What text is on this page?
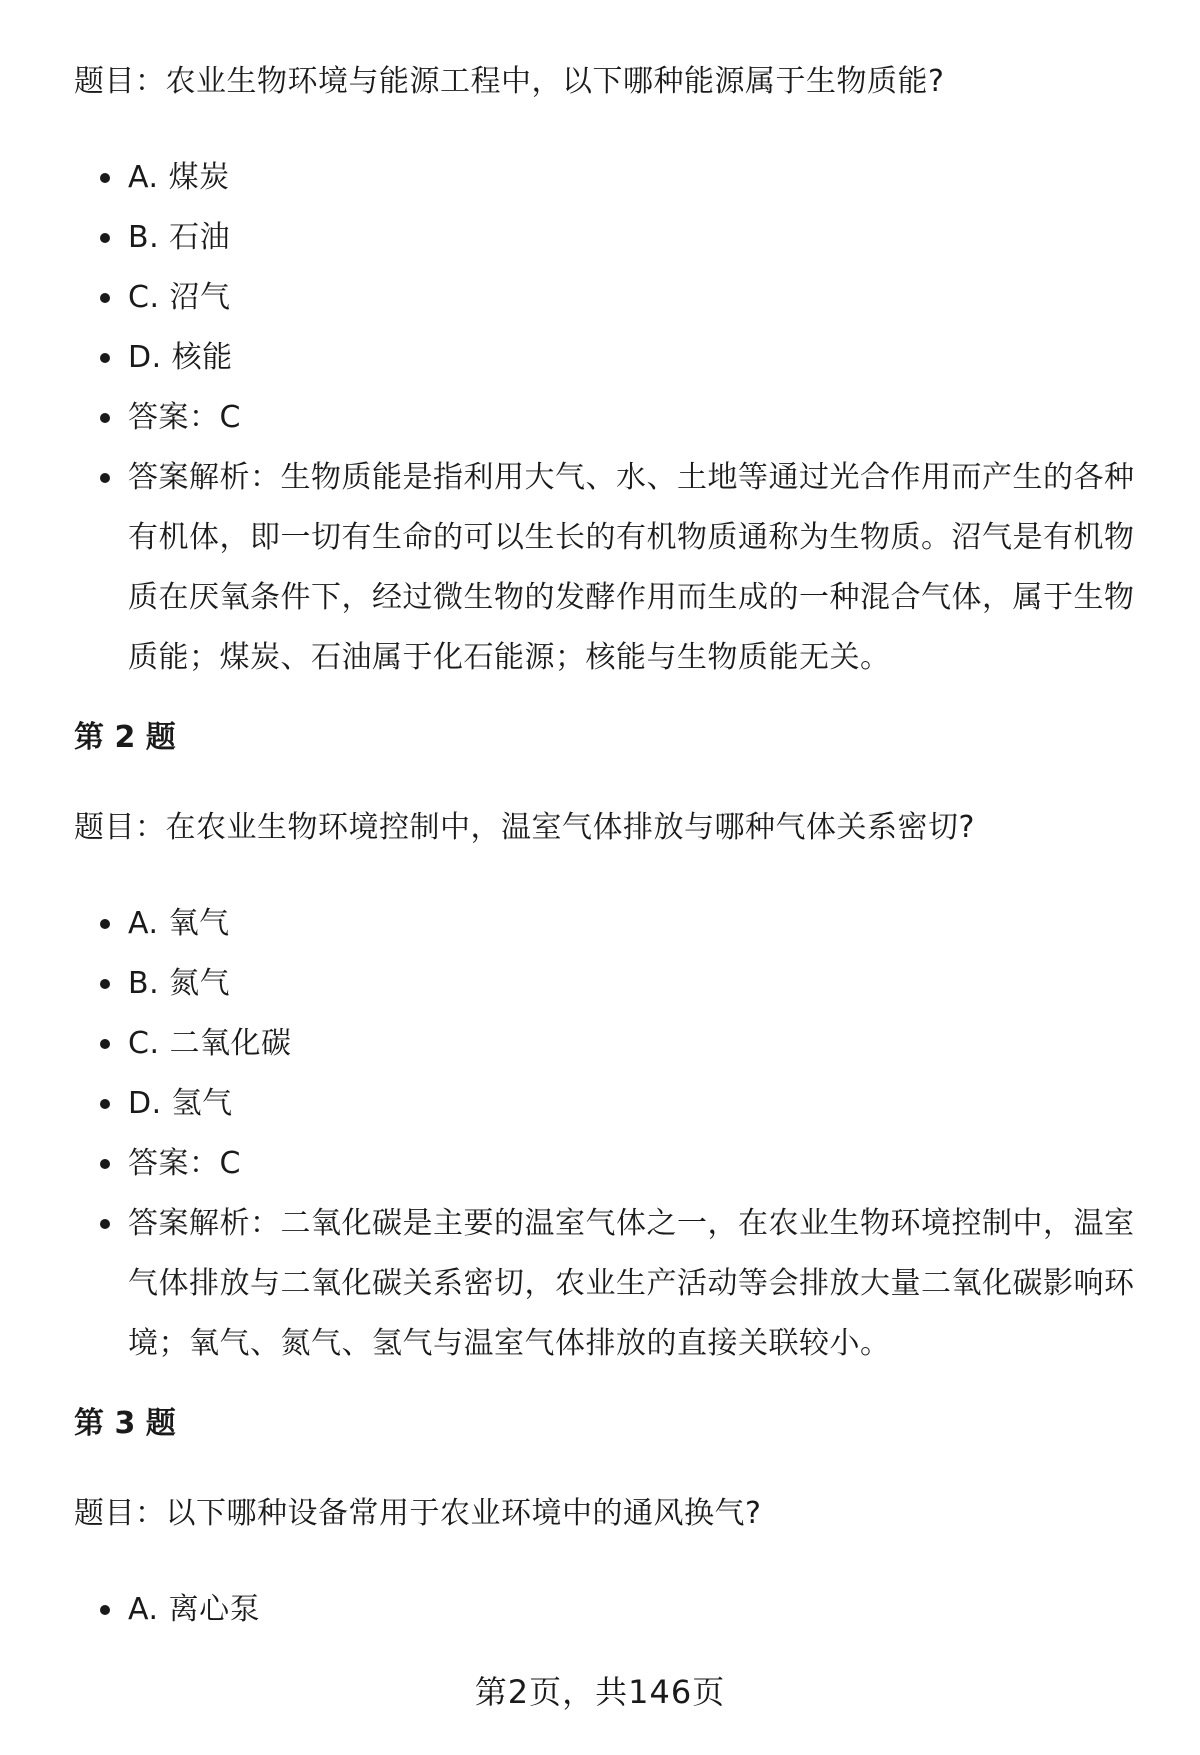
题目：农业生物环境与能源工程中，以下哪种能源属于生物质能?

A. 煤炭
B. 石油
C. 沼气
D. 核能
答案：C
答案解析：生物质能是指利用大气、水、土地等通过光合作用而产生的各种有机体，即一切有生命的可以生长的有机物质通称为生物质。沼气是有机物质在厌氧条件下，经过微生物的发酵作用而生成的一种混合气体，属于生物质能；煤炭、石油属于化石能源；核能与生物质能无关。

第 2 题

题目：在农业生物环境控制中，温室气体排放与哪种气体关系密切?

A. 氧气
B. 氮气
C. 二氧化碳
D. 氢气
答案：C
答案解析：二氧化碳是主要的温室气体之一，在农业生物环境控制中，温室气体排放与二氧化碳关系密切，农业生产活动等会排放大量二氧化碳影响环境；氧气、氮气、氢气与温室气体排放的直接关联较小。

第 3 题

题目：以下哪种设备常用于农业环境中的通风换气?

A. 离心泵
第2页，共146页
